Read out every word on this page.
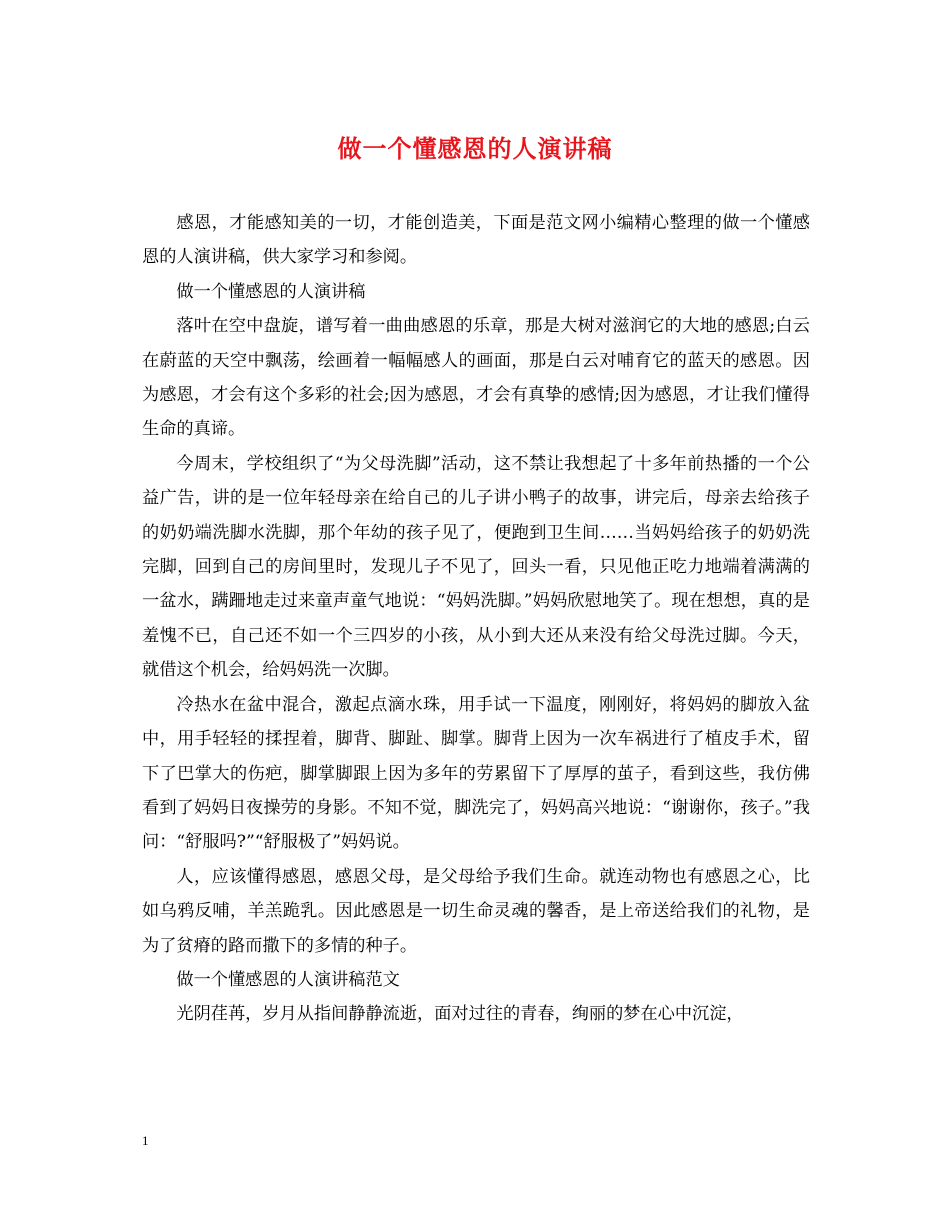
做一个懂感恩的人演讲稿

感恩，才能感知美的一切，才能创造美，下面是范文网小编精心整理的做一个懂感恩的人演讲稿，供大家学习和参阅。

做一个懂感恩的人演讲稿

落叶在空中盘旋，谱写着一曲曲感恩的乐章，那是大树对滋润它的大地的感恩;白云在蔚蓝的天空中飘荡，绘画着一幅幅感人的画面，那是白云对哺育它的蓝天的感恩。因为感恩，才会有这个多彩的社会;因为感恩，才会有真挚的感情;因为感恩，才让我们懂得生命的真谛。

今周末，学校组织了“为父母洗脚”活动，这不禁让我想起了十多年前热播的一个公益广告，讲的是一位年轻母亲在给自己的儿子讲小鸭子的故事，讲完后，母亲去给孩子的奶奶端洗脚水洗脚，那个年幼的孩子见了，便跑到卫生间……当妈妈给孩子的奶奶洗完脚，回到自己的房间里时，发现儿子不见了，回头一看，只见他正吃力地端着满满的一盆水，蹒跚地走过来童声童气地说：“妈妈洗脚。”妈妈欣慰地笑了。现在想想，真的是羞愧不已，自己还不如一个三四岁的小孩，从小到大还从来没有给父母洗过脚。今天，就借这个机会，给妈妈洗一次脚。

冷热水在盆中混合，激起点滴水珠，用手试一下温度，刚刚好，将妈妈的脚放入盆中，用手轻轻的揉捏着，脚背、脚趾、脚掌。脚背上因为一次车祸进行了植皮手术，留下了巴掌大的伤疤，脚掌脚跟上因为多年的劳累留下了厚厚的茧子，看到这些，我仿佛看到了妈妈日夜操劳的身影。不知不觉，脚洗完了，妈妈高兴地说：“谢谢你，孩子。”我问：“舒服吗?”“舒服极了”妈妈说。

人，应该懂得感恩，感恩父母，是父母给予我们生命。就连动物也有感恩之心，比如乌鸦反哺，羊羔跪乳。因此感恩是一切生命灵魂的馨香，是上帝送给我们的礼物，是为了贫瘠的路而撒下的多情的种子。

做一个懂感恩的人演讲稿范文

光阴荏苒，岁月从指间静静流逝，面对过往的青春，绚丽的梦在心中沉淀，

1
